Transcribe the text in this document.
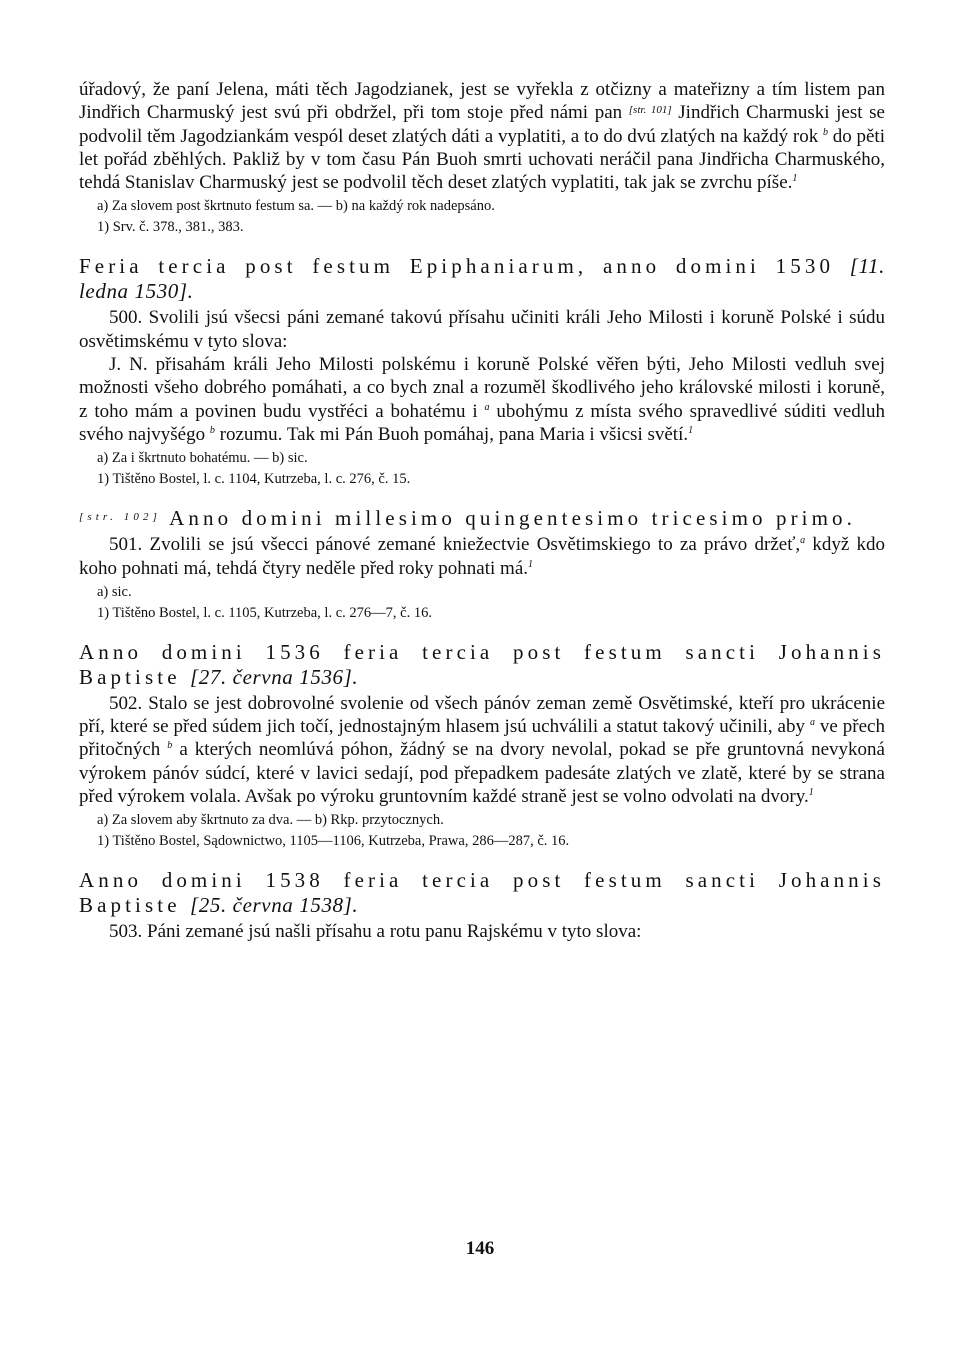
úřadový, že paní Jelena, máti těch Jagodzianek, jest se vyřekla z otčizny a mateřizny a tím listem pan Jindřich Charmuský jest svú při obdržel, při tom stoje před námi pan [str. 101] Jindřich Charmuski jest se podvolil těm Jagodziankám vespól deset zlatých dáti a vyplatiti, a to do dvú zlatých na každý rok $^b$ do pěti let pořád zběhlých. Pakliž by v tom času Pán Buoh smrti uchovati neráčil pana Jindřicha Charmuského, tehdá Stanislav Charmuský jest se podvolil těch deset zlatých vyplatiti, tak jak se zvrchu píše.$^1$

a) Za slovem post škrtnuto festum sa. — b) na každý rok nadepsáno.

1) Srv. č. 378., 381., 383.

Feria tercia post festum Epiphaniarum, anno domini 1530 [11. ledna 1530].

500. Svolili jsú všecsi páni zemané takovú přísahu učiniti králi Jeho Milosti i koruně Polské i súdu osvětimskému v tyto slova:

J. N. přisahám králi Jeho Milosti polskému i koruně Polské věřen býti, Jeho Milosti vedluh svej možnosti všeho dobrého pomáhati, a co bych znal a rozuměl škodlivého jeho královské milosti i koruně, z toho mám a povinen budu vystřéci a bohatému i $^a$ ubohýmu z místa svého spravedlivé súditi vedluh svého najvyšégo $^b$ rozumu. Tak mi Pán Buoh pomáhaj, pana Maria i všicsi světí.$^1$

a) Za i škrtnuto bohatému. — b) sic.

1) Tištěno Bostel, l. c. 1104, Kutrzeba, l. c. 276, č. 15.

[str. 102] Anno domini millesimo quingentesimo tricesimo primo.

501. Zvolili se jsú všecci pánové zemané kniežectvie Osvětimskiego to za právo držeť,$^a$ když kdo koho pohnati má, tehdá čtyry neděle před roky pohnati má.$^1$

a) sic.

1) Tištěno Bostel, l. c. 1105, Kutrzeba, l. c. 276—7, č. 16.

Anno domini 1536 feria tercia post festum sancti Johannis Baptiste [27. června 1536].

502. Stalo se jest dobrovolné svolenie od všech pánóv zeman země Osvětimské, kteří pro ukrácenie pří, které se před súdem jich točí, jednostajným hlasem jsú uchválili a statut takový učinili, aby $^a$ ve přech přitočných $^b$ a kterých neomlúvá póhon, žádný se na dvory nevolal, pokad se pře gruntovná nevykoná výrokem pánóv súdcí, které v lavici sedají, pod přepadkem padesáte zlatých ve zlatě, které by se strana před výrokem volala. Avšak po výroku gruntovním každé straně jest se volno odvolati na dvory.$^1$

a) Za slovem aby škrtnuto za dva. — b) Rkp. przytocznych.

1) Tištěno Bostel, Sądownictwo, 1105—1106, Kutrzeba, Prawa, 286—287, č. 16.

Anno domini 1538 feria tercia post festum sancti Johannis Baptiste [25. června 1538].

503. Páni zemané jsú našli přísahu a rotu panu Rajskému v tyto slova:

146
